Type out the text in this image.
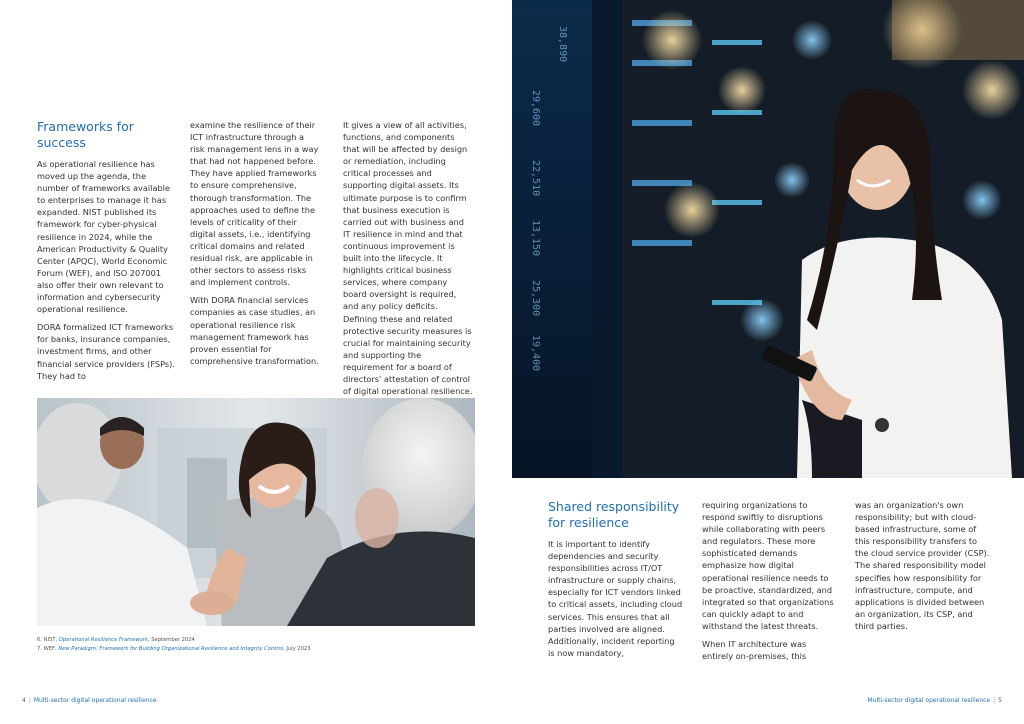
Frameworks for
success

As operational resilience has moved up the agenda, the number of frameworks available to enterprises to manage it has expanded. NIST published its framework for cyber-physical resilience in 2024, while the American Productivity & Quality Center (APQC), World Economic Forum (WEF), and ISO 207001 also offer their own relevant to information and cybersecurity operational resilience.

DORA formalized ICT frameworks for banks, insurance companies, investment firms, and other financial service providers (FSPs). They had to

examine the resilience of their ICT infrastructure through a risk management lens in a way that had not happened before. They have applied frameworks to ensure comprehensive, thorough transformation. The approaches used to define the levels of criticality of their digital assets, i.e., identifying critical domains and related residual risk, are applicable in other sectors to assess risks and implement controls.

With DORA financial services companies as case studies, an operational resilience risk management framework has proven essential for comprehensive transformation.

It gives a view of all activities, functions, and components that will be affected by design or remediation, including critical processes and supporting digital assets. Its ultimate purpose is to confirm that business execution is carried out with business and IT resilience in mind and that continuous improvement is built into the lifecycle. It highlights critical business services, where company board oversight is required, and any policy deficits. Defining these and related protective security measures is crucial for maintaining security and supporting the requirement for a board of directors' attestation of control of digital operational resilience.

6. NIST, Operational Resilience Framework, September 2024
7. WEF, New Paradigm: Framework for Building Organizational Resilience and Integrity Control, July 2023
4 | Multi-sector digital operational resilience
38,890
29,600
22,510
13,150
25,300
19,400
Shared responsibility
for resilience

It is important to identify dependencies and security responsibilities across IT/OT infrastructure or supply chains, especially for ICT vendors linked to critical assets, including cloud services. This ensures that all parties involved are aligned. Additionally, incident reporting is now mandatory,

requiring organizations to respond swiftly to disruptions while collaborating with peers and regulators. These more sophisticated demands emphasize how digital operational resilience needs to be proactive, standardized, and integrated so that organizations can quickly adapt to and withstand the latest threats.

When IT architecture was entirely on-premises, this

was an organization's own responsibility; but with cloud-based infrastructure, some of this responsibility transfers to the cloud service provider (CSP). The shared responsibility model specifies how responsibility for infrastructure, compute, and applications is divided between an organization, its CSP, and third parties.

Multi-sector digital operational resilience | 5
